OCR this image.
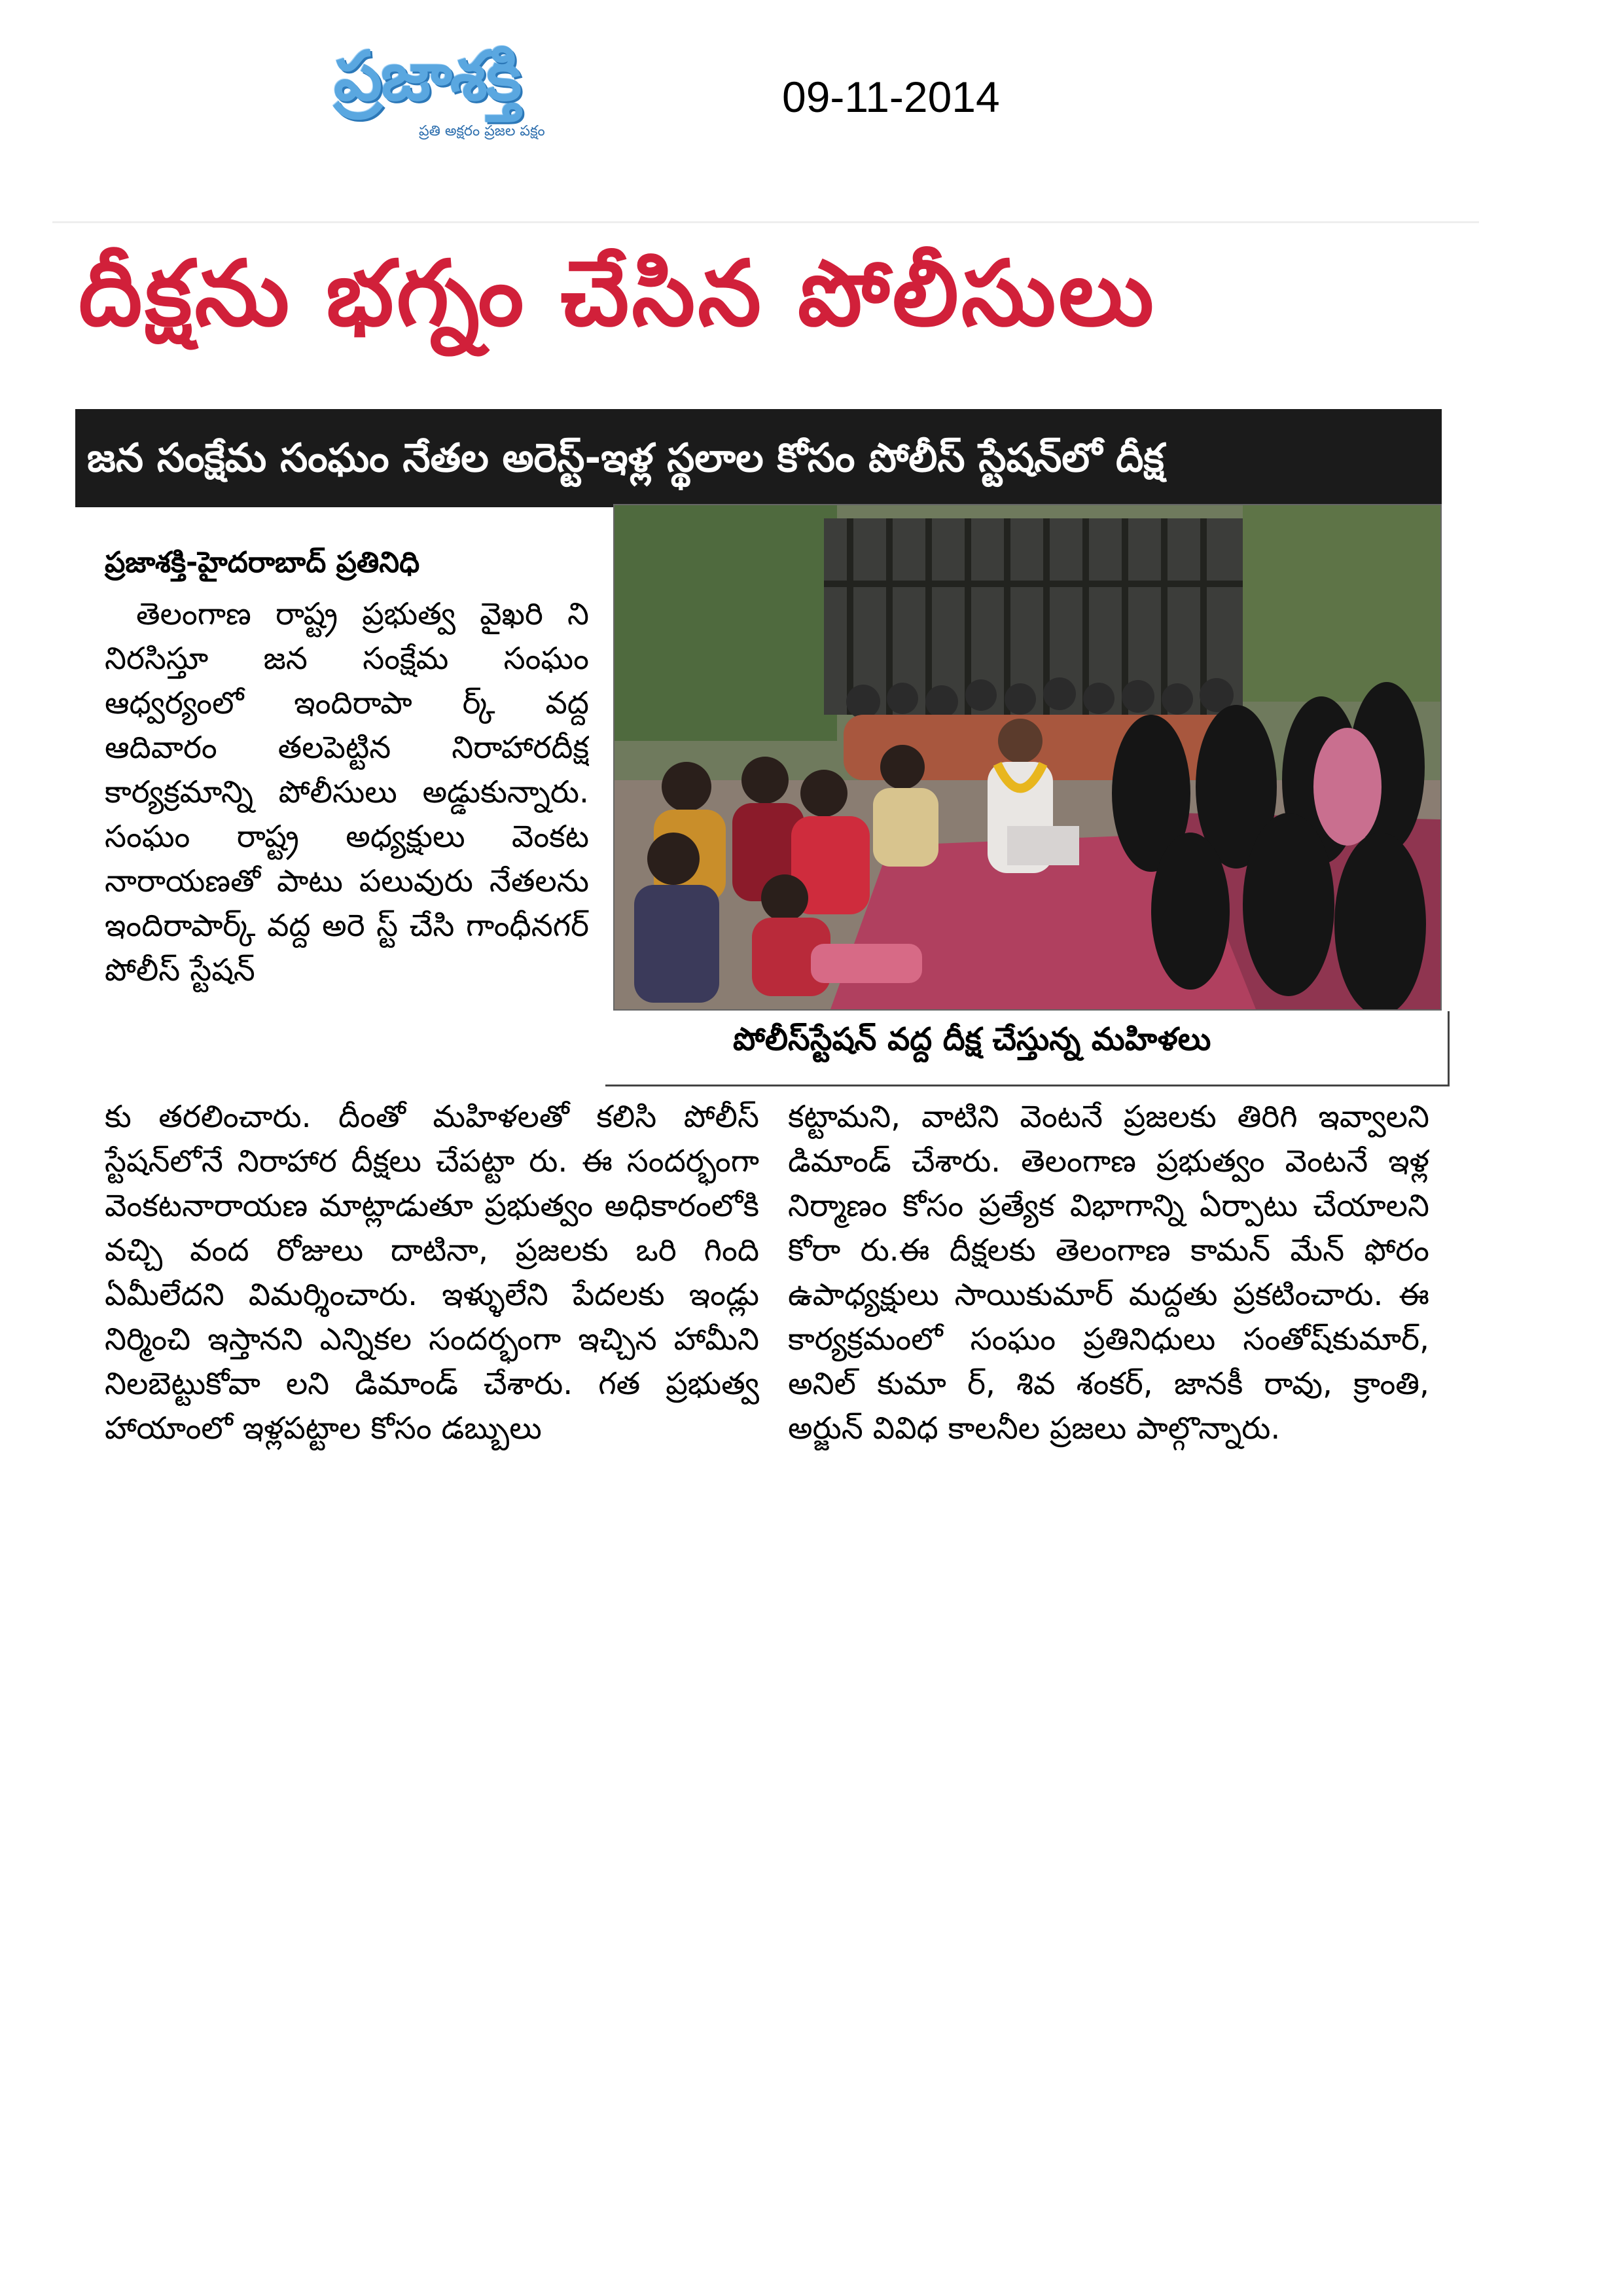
ప్రజాశక్తి
ప్రతి అక్షరం ప్రజల పక్షం
09-11-2014
దీక్షను భగ్నం చేసిన పోలీసులు
జన సంక్షేమ సంఘం నేతల అరెస్ట్‌-ఇళ్ల స్థలాల కోసం పోలీస్‌ స్టేషన్‌లో దీక్ష
ప్రజాశక్తి-హైదరాబాద్‌ ప్రతినిధి

తెలంగాణ రాష్ట్ర ప్రభుత్వ వైఖరి ని నిరసిస్తూ జన సంక్షేమ సంఘం ఆధ్వర్యంలో ఇందిరాపా ర్క్‌ వద్ద ఆదివారం తలపెట్టిన నిరాహారదీక్ష కార్యక్రమాన్ని పోలీసులు అడ్డుకున్నారు. సంఘం రాష్ట్ర అధ్యక్షులు వెంకట నారాయణతో పాటు పలువురు నేతలను ఇందిరాపార్క్‌ వద్ద అరె స్ట్‌ చేసి గాంధీనగర్‌ పోలీస్‌ స్టేషన్‌

పోలీస్‌స్టేషన్‌ వద్ద దీక్ష చేస్తున్న మహిళలు

కు తరలించారు. దీంతో మహిళలతో కలిసి పోలీస్‌ స్టేషన్‌లోనే నిరాహార దీక్షలు చేపట్టా రు. ఈ సందర్భంగా వెంకటనారాయణ మాట్లాడుతూ ప్రభుత్వం అధికారంలోకి వచ్చి వంద రోజులు దాటినా, ప్రజలకు ఒరి గింది ఏమీలేదని విమర్శించారు. ఇళ్ళులేని పేదలకు ఇండ్లు నిర్మించి ఇస్తానని ఎన్నికల సందర్భంగా ఇచ్చిన హామీని నిలబెట్టుకోవా లని డిమాండ్‌ చేశారు. గత ప్రభుత్వ హాయాంలో ఇళ్లపట్టాల కోసం డబ్బులు

కట్టామని, వాటిని వెంటనే ప్రజలకు తిరిగి ఇవ్వాలని డిమాండ్‌ చేశారు. తెలంగాణ ప్రభుత్వం వెంటనే ఇళ్ల నిర్మాణం కోసం ప్రత్యేక విభాగాన్ని ఏర్పాటు చేయాలని కోరా రు.ఈ దీక్షలకు తెలంగాణ కామన్‌ మేన్‌ ఫోరం ఉపాధ్యక్షులు సాయికుమార్‌ మద్దతు ప్రకటించారు. ఈ కార్యక్రమంలో సంఘం ప్రతినిధులు సంతోష్‌కుమార్‌, అనిల్‌ కుమా ర్‌, శివ శంకర్‌, జానకీ రావు, క్రాంతి, అర్జున్‌ వివిధ కాలనీల ప్రజలు పాల్గొన్నారు.
